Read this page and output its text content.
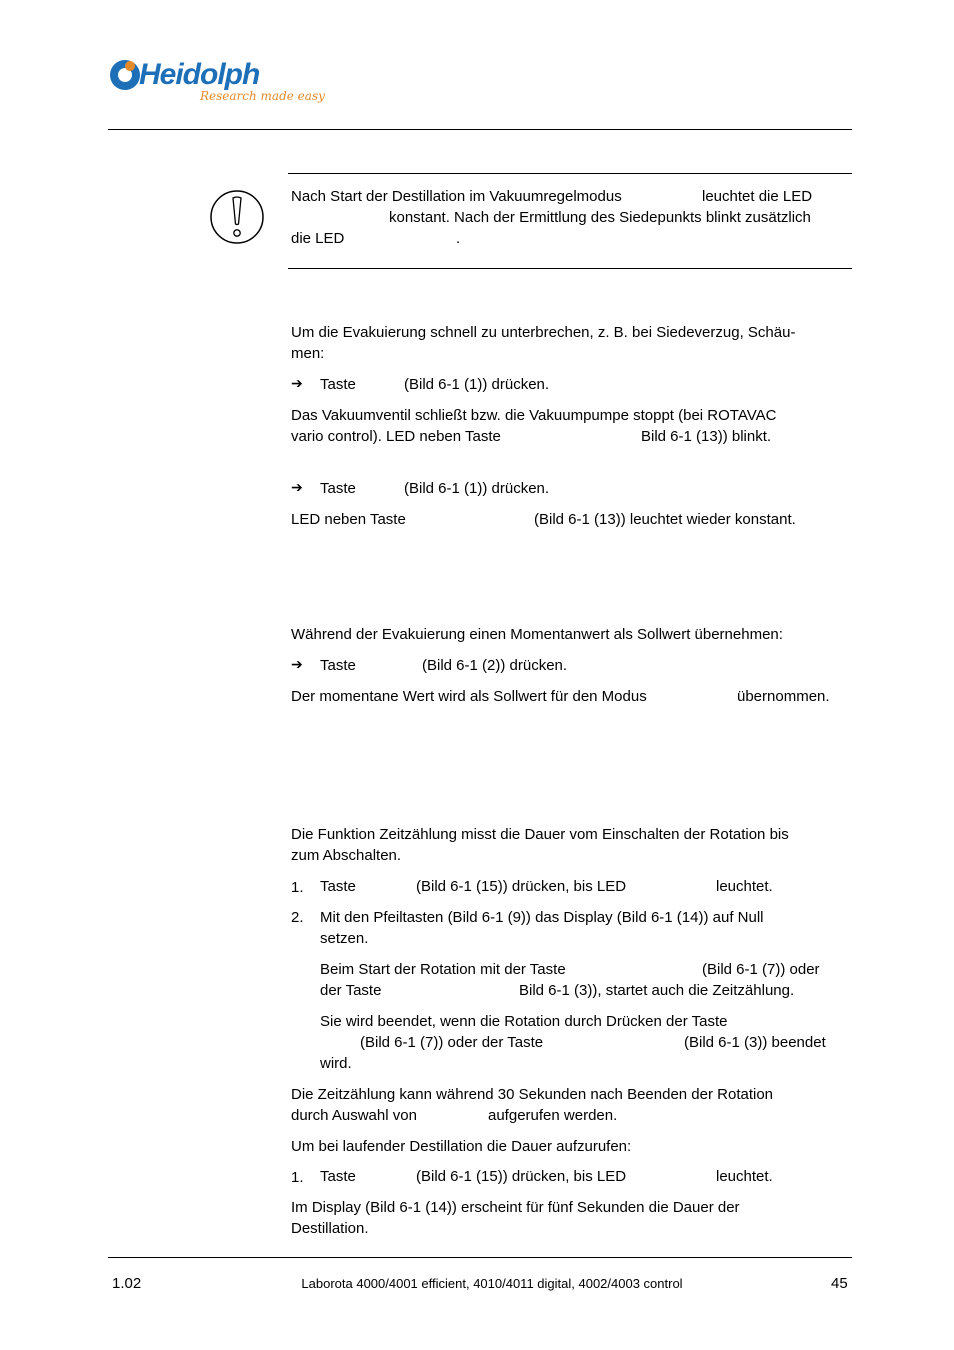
Heidolph
Research made easy
Nach Start der Destillation im Vakuumregelmodus	leuchtet die LED
konstant. Nach der Ermittlung des Siedepunkts blinkt zusätzlich
die LED	.
Um die Evakuierung schnell zu unterbrechen, z. B. bei Siedeverzug, Schäu-
men:
➔ Taste	(Bild 6-1 (1)) drücken.
Das Vakuumventil schließt bzw. die Vakuumpumpe stoppt (bei ROTAVAC
vario control). LED neben Taste	Bild 6-1 (13)) blinkt.
➔ Taste	(Bild 6-1 (1)) drücken.
LED neben Taste	(Bild 6-1 (13)) leuchtet wieder konstant.
Während der Evakuierung einen Momentanwert als Sollwert übernehmen:
➔ Taste	(Bild 6-1 (2)) drücken.
Der momentane Wert wird als Sollwert für den Modus	übernommen.
Die Funktion Zeitzählung misst die Dauer vom Einschalten der Rotation bis
zum Abschalten.
1. Taste	(Bild 6-1 (15)) drücken, bis LED	leuchtet.
2. Mit den Pfeiltasten (Bild 6-1 (9)) das Display (Bild 6-1 (14)) auf Null
setzen.
Beim Start der Rotation mit der Taste	(Bild 6-1 (7)) oder
der Taste	Bild 6-1 (3)), startet auch die Zeitzählung.
Sie wird beendet, wenn die Rotation durch Drücken der Taste
(Bild 6-1 (7)) oder der Taste	(Bild 6-1 (3)) beendet
wird.
Die Zeitzählung kann während 30 Sekunden nach Beenden der Rotation
durch Auswahl von	aufgerufen werden.
Um bei laufender Destillation die Dauer aufzurufen:
1. Taste	(Bild 6-1 (15)) drücken, bis LED	leuchtet.
Im Display (Bild 6-1 (14)) erscheint für fünf Sekunden die Dauer der
Destillation.
1.02	Laborota 4000/4001 efficient, 4010/4011 digital, 4002/4003 control	45
